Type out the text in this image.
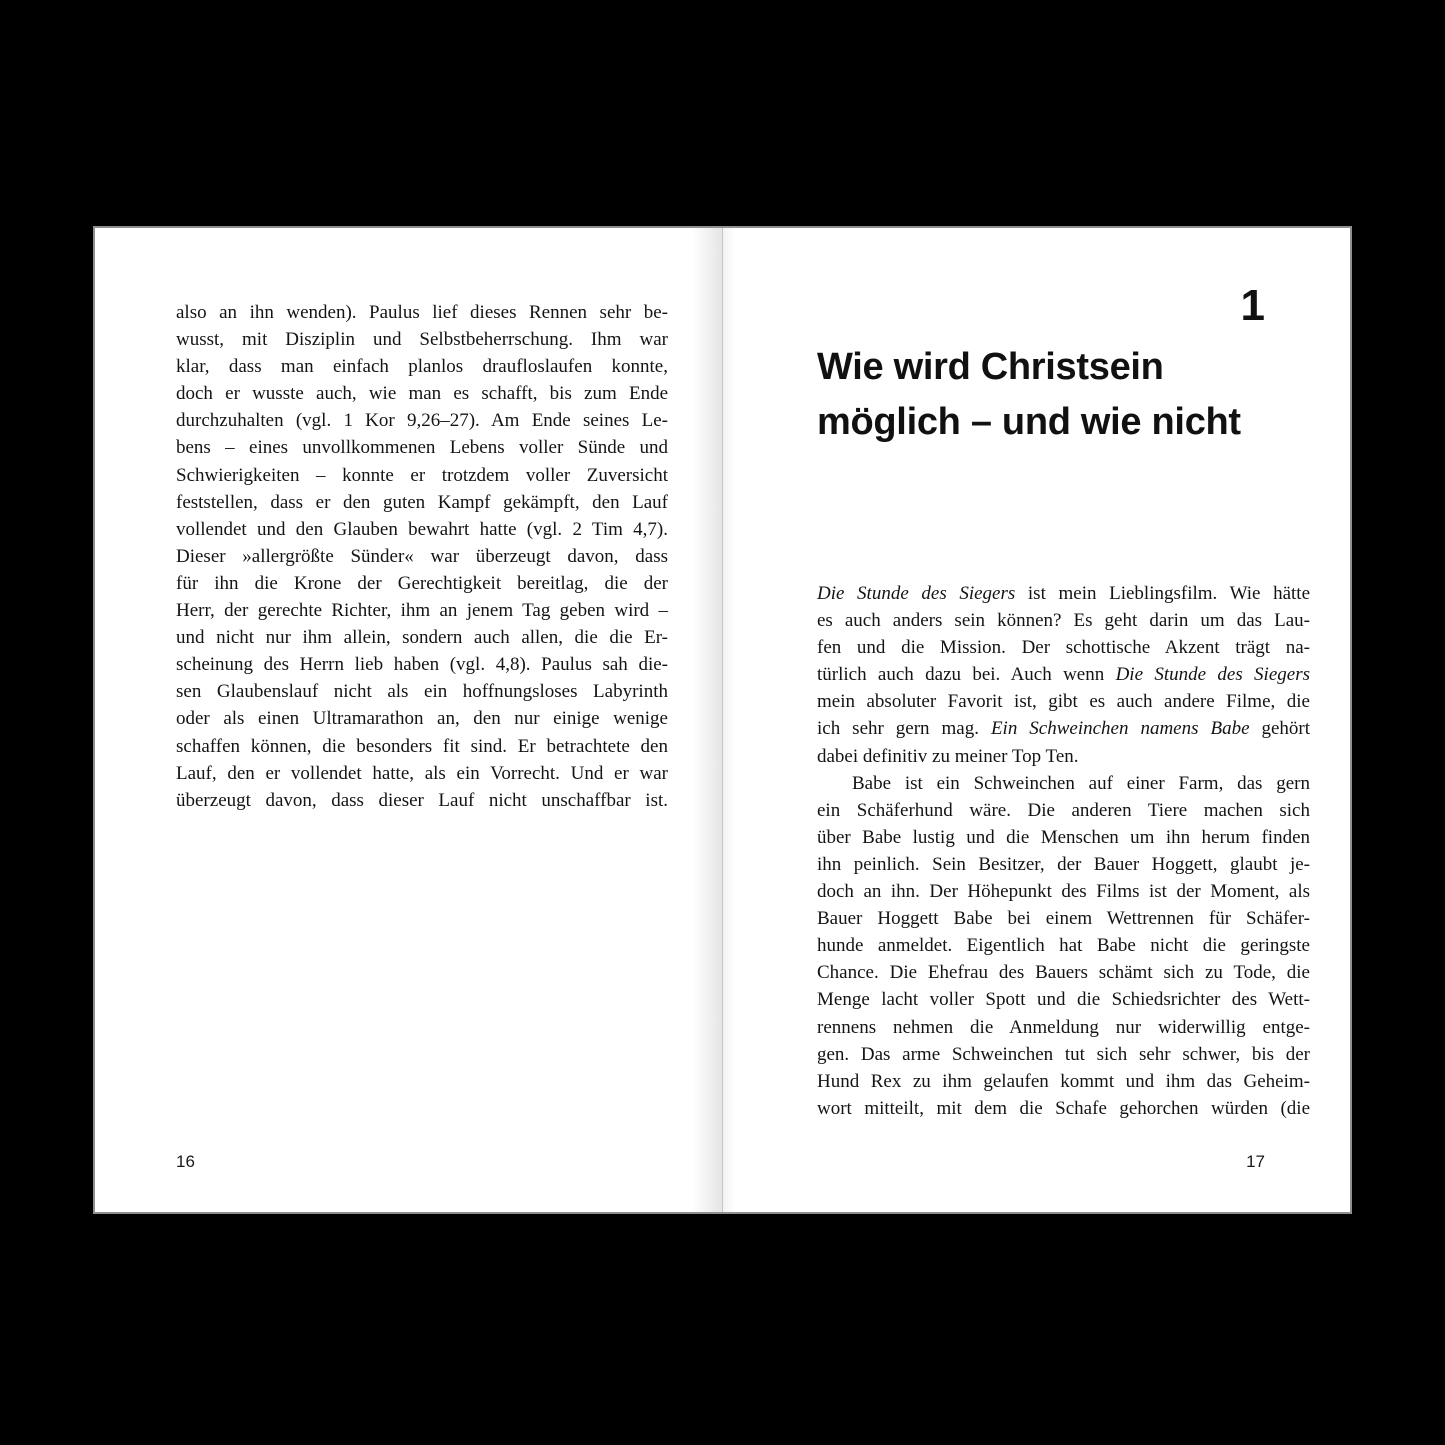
also an ihn wenden). Paulus lief dieses Rennen sehr be-
wusst, mit Disziplin und Selbstbeherrschung. Ihm war
klar, dass man einfach planlos draufloslaufen konnte,
doch er wusste auch, wie man es schafft, bis zum Ende
durchzuhalten (vgl. 1 Kor 9,26–27). Am Ende seines Le-
bens – eines unvollkommenen Lebens voller Sünde und
Schwierigkeiten – konnte er trotzdem voller Zuversicht
feststellen, dass er den guten Kampf gekämpft, den Lauf
vollendet und den Glauben bewahrt hatte (vgl. 2 Tim 4,7).
Dieser »allergrößte Sünder« war überzeugt davon, dass
für ihn die Krone der Gerechtigkeit bereitlag, die der
Herr, der gerechte Richter, ihm an jenem Tag geben wird –
und nicht nur ihm allein, sondern auch allen, die die Er-
scheinung des Herrn lieb haben (vgl. 4,8). Paulus sah die-
sen Glaubenslauf nicht als ein hoffnungsloses Labyrinth
oder als einen Ultramarathon an, den nur einige wenige
schaffen können, die besonders fit sind. Er betrachtete den
Lauf, den er vollendet hatte, als ein Vorrecht. Und er war
überzeugt davon, dass dieser Lauf nicht unschaffbar ist.
16
1
Wie wird Christsein
möglich – und wie nicht
Die Stunde des Siegers ist mein Lieblingsfilm. Wie hätte
es auch anders sein können? Es geht darin um das Lau-
fen und die Mission. Der schottische Akzent trägt na-
türlich auch dazu bei. Auch wenn Die Stunde des Siegers
mein absoluter Favorit ist, gibt es auch andere Filme, die
ich sehr gern mag. Ein Schweinchen namens Babe gehört
dabei definitiv zu meiner Top Ten.
Babe ist ein Schweinchen auf einer Farm, das gern
ein Schäferhund wäre. Die anderen Tiere machen sich
über Babe lustig und die Menschen um ihn herum finden
ihn peinlich. Sein Besitzer, der Bauer Hoggett, glaubt je-
doch an ihn. Der Höhepunkt des Films ist der Moment, als
Bauer Hoggett Babe bei einem Wettrennen für Schäfer-
hunde anmeldet. Eigentlich hat Babe nicht die geringste
Chance. Die Ehefrau des Bauers schämt sich zu Tode, die
Menge lacht voller Spott und die Schiedsrichter des Wett-
rennens nehmen die Anmeldung nur widerwillig entge-
gen. Das arme Schweinchen tut sich sehr schwer, bis der
Hund Rex zu ihm gelaufen kommt und ihm das Geheim-
wort mitteilt, mit dem die Schafe gehorchen würden (die
17
